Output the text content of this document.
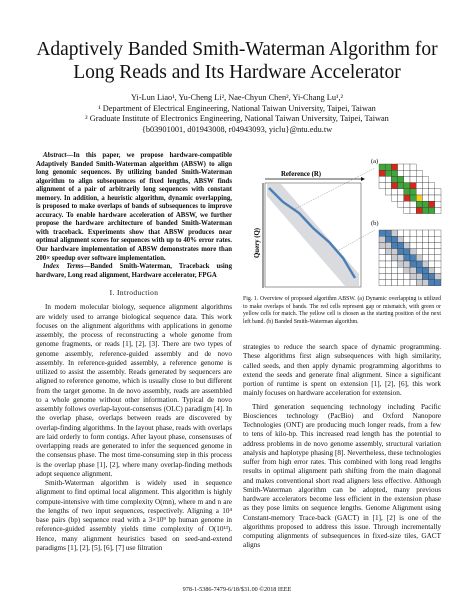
Adaptively Banded Smith-Waterman Algorithm for
Long Reads and Its Hardware Accelerator
Yi-Lun Liao¹, Yu-Cheng Li², Nae-Chyun Chen², Yi-Chang Lu¹,²
¹ Department of Electrical Engineering, National Taiwan University, Taipei, Taiwan
² Graduate Institute of Electronics Engineering, National Taiwan University, Taipei, Taiwan
{b03901001, d01943008, r04943093, yiclu}@ntu.edu.tw

Abstract—In this paper, we propose hardware-compatible Adaptively Banded Smith-Waterman algorithm (ABSW) to align long genomic sequences. By utilizing banded Smith-Waterman algorithm to align subsequences of fixed lengths, ABSW finds alignment of a pair of arbitrarily long sequences with constant memory. In addition, a heuristic algorithm, dynamic overlapping, is proposed to make overlaps of bands of subsequences to improve accuracy. To enable hardware acceleration of ABSW, we further propose the hardware architecture of banded Smith-Waterman with traceback. Experiments show that ABSW produces near optimal alignment scores for sequences with up to 40% error rates. Our hardware implementation of ABSW demonstrates more than 200× speedup over software implementation.

Index Terms—Banded Smith-Waterman, Traceback using hardware, Long read alignment, Hardware accelerator, FPGA

I. Introduction

In modern molecular biology, sequence alignment algorithms are widely used to arrange biological sequence data. This work focuses on the alignment algorithms with applications in genome assembly, the process of reconstructing a whole genome from genome fragments, or reads [1], [2], [3]. There are two types of genome assembly, reference-guided assembly and de novo assembly. In reference-guided assembly, a reference genome is utilized to assist the assembly. Reads generated by sequencers are aligned to reference genome, which is usually close to but different from the target genome. In de novo assembly, reads are assembled to a whole genome without other information. Typical de novo assembly follows overlap-layout-consensus (OLC) paradigm [4]. In the overlap phase, overlaps between reads are discovered by overlap-finding algorithms. In the layout phase, reads with overlaps are laid orderly to form contigs. After layout phase, consensuses of overlapping reads are generated to infer the sequenced genome in the consensus phase. The most time-consuming step in this process is the overlap phase [1], [2], where many overlap-finding methods adopt sequence alignment.

Smith-Waterman algorithm is widely used in sequence alignment to find optimal local alignment. This algorithm is highly compute-intensive with time complexity O(mn), where m and n are the lengths of two input sequences, respectively. Aligning a 10⁴ base pairs (bp) sequence read with a 3×10⁹ bp human genome in reference-guided assembly yields time complexity of O(10¹³). Hence, many alignment heuristics based on seed-and-extend paradigms [1], [2], [5], [6], [7] use filtration

(a)
(b)
Reference (R)
Query (Q)
Fig. 1. Overview of proposed algorithm ABSW. (a) Dynamic overlapping is utilized to make overlaps of bands. The red cells represent gap or mismatch, with green or yellow cells for match. The yellow cell is chosen as the starting position of the next left band. (b) Banded Smith-Waterman algorithm.

strategies to reduce the search space of dynamic programming. These algorithms first align subsequences with high similarity, called seeds, and then apply dynamic programming algorithms to extend the seeds and generate final alignment. Since a significant portion of runtime is spent on extension [1], [2], [6], this work mainly focuses on hardware acceleration for extension.

Third generation sequencing technology including Pacific Biosciences technology (PacBio) and Oxford Nanopore Technologies (ONT) are producing much longer reads, from a few to tens of kilo-bp. This increased read length has the potential to address problems in de novo genome assembly, structural variation analysis and haplotype phasing [8]. Nevertheless, these technologies suffer from high error rates. This combined with long read lengths results in optimal alignment path shifting from the main diagonal and makes conventional short read aligners less effective. Although Smith-Waterman algorithm can be adopted, many previous hardware accelerators become less efficient in the extension phase as they pose limits on sequence lengths. Genome Alignment using Constant-memory Trace-back (GACT) in [1], [2] is one of the algorithms proposed to address this issue. Through incrementally computing alignments of subsequences in fixed-size tiles, GACT aligns

978-1-5386-7479-6/18/$31.00 ©2018 IEEE
